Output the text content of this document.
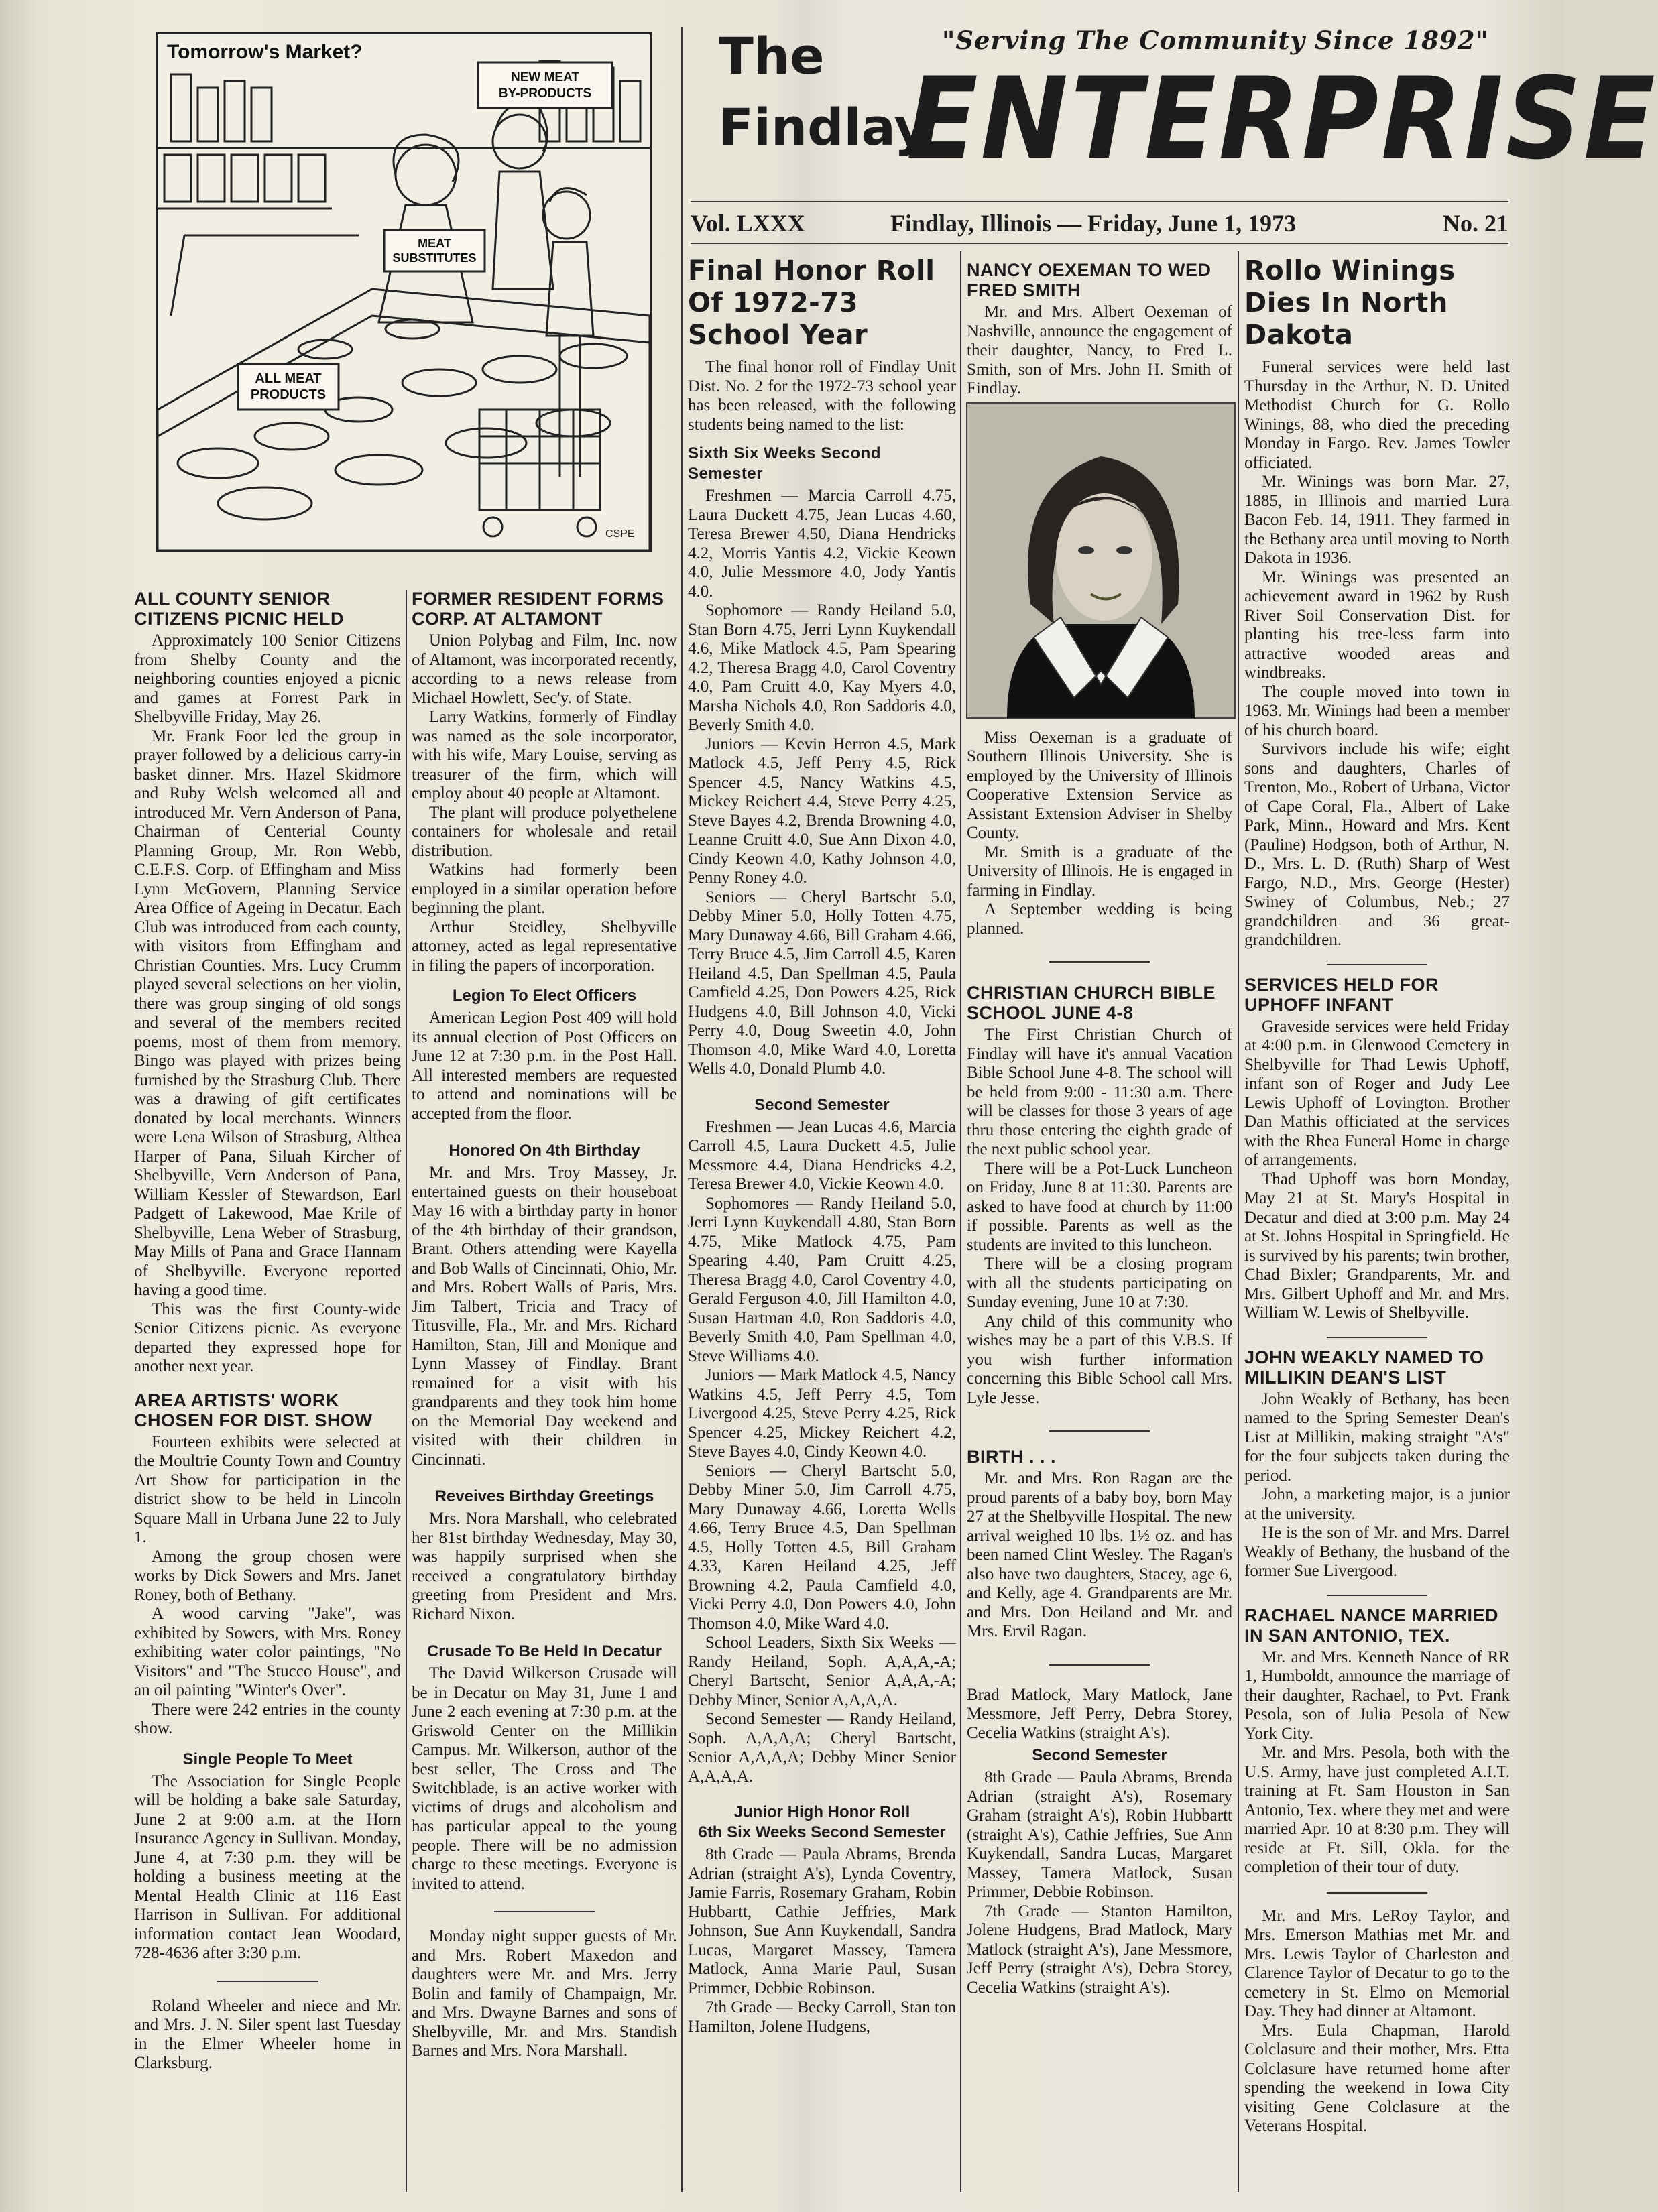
Tomorrow's Market?
NEW MEAT BY-PRODUCTS
MEAT SUBSTITUTES
ALL MEAT PRODUCTS
CSPE
"Serving The Community Since 1892"
The
Findlay
ENTERPRISE
Vol. LXXX	Findlay, Illinois — Friday, June 1, 1973	No. 21
ALL COUNTY SENIOR CITIZENS PICNIC HELD

Approximately 100 Senior Citizens from Shelby County and the neighboring counties enjoyed a picnic and games at Forrest Park in Shelbyville Friday, May 26.

Mr. Frank Foor led the group in prayer followed by a delicious carry-in basket dinner. Mrs. Hazel Skidmore and Ruby Welsh welcomed all and introduced Mr. Vern Anderson of Pana, Chairman of Centerial County Planning Group, Mr. Ron Webb, C.E.F.S. Corp. of Effingham and Miss Lynn McGovern, Planning Service Area Office of Ageing in Decatur. Each Club was introduced from each county, with visitors from Effingham and Christian Counties. Mrs. Lucy Crumm played several selections on her violin, there was group singing of old songs and several of the members recited poems, most of them from memory. Bingo was played with prizes being furnished by the Strasburg Club. There was a drawing of gift certificates donated by local merchants. Winners were Lena Wilson of Strasburg, Althea Harper of Pana, Siluah Kircher of Shelbyville, Vern Anderson of Pana, William Kessler of Stewardson, Earl Padgett of Lakewood, Mae Krile of Shelbyville, Lena Weber of Strasburg, May Mills of Pana and Grace Hannam of Shelbyville. Everyone reported having a good time.

This was the first County-wide Senior Citizens picnic. As everyone departed they expressed hope for another next year.

AREA ARTISTS' WORK CHOSEN FOR DIST. SHOW

Fourteen exhibits were selected at the Moultrie County Town and Country Art Show for participation in the district show to be held in Lincoln Square Mall in Urbana June 22 to July 1.

Among the group chosen were works by Dick Sowers and Mrs. Janet Roney, both of Bethany.

A wood carving "Jake", was exhibited by Sowers, with Mrs. Roney exhibiting water color paintings, "No Visitors" and "The Stucco House", and an oil painting "Winter's Over".

There were 242 entries in the county show.

Single People To Meet

The Association for Single People will be holding a bake sale Saturday, June 2 at 9:00 a.m. at the Horn Insurance Agency in Sullivan. Monday, June 4, at 7:30 p.m. they will be holding a business meeting at the Mental Health Clinic at 116 East Harrison in Sullivan. For additional information contact Jean Woodard, 728-4636 after 3:30 p.m.

Roland Wheeler and niece and Mr. and Mrs. J. N. Siler spent last Tuesday in the Elmer Wheeler home in Clarksburg.

FORMER RESIDENT FORMS CORP. AT ALTAMONT

Union Polybag and Film, Inc. now of Altamont, was incorporated recently, according to a news release from Michael Howlett, Sec'y. of State.

Larry Watkins, formerly of Findlay was named as the sole incorporator, with his wife, Mary Louise, serving as treasurer of the firm, which will employ about 40 people at Altamont.

The plant will produce polyethelene containers for wholesale and retail distribution.

Watkins had formerly been employed in a similar operation before beginning the plant.

Arthur Steidley, Shelbyville attorney, acted as legal representative in filing the papers of incorporation.

Legion To Elect Officers

American Legion Post 409 will hold its annual election of Post Officers on June 12 at 7:30 p.m. in the Post Hall. All interested members are requested to attend and nominations will be accepted from the floor.

Honored On 4th Birthday

Mr. and Mrs. Troy Massey, Jr. entertained guests on their houseboat May 16 with a birthday party in honor of the 4th birthday of their grandson, Brant. Others attending were Kayella and Bob Walls of Cincinnati, Ohio, Mr. and Mrs. Robert Walls of Paris, Mrs. Jim Talbert, Tricia and Tracy of Titusville, Fla., Mr. and Mrs. Richard Hamilton, Stan, Jill and Monique and Lynn Massey of Findlay. Brant remained for a visit with his grandparents and they took him home on the Memorial Day weekend and visited with their children in Cincinnati.

Reveives Birthday Greetings

Mrs. Nora Marshall, who celebrated her 81st birthday Wednesday, May 30, was happily surprised when she received a congratulatory birthday greeting from President and Mrs. Richard Nixon.

Crusade To Be Held In Decatur

The David Wilkerson Crusade will be in Decatur on May 31, June 1 and June 2 each evening at 7:30 p.m. at the Griswold Center on the Millikin Campus. Mr. Wilkerson, author of the best seller, The Cross and The Switchblade, is an active worker with victims of drugs and alcoholism and has particular appeal to the young people. There will be no admission charge to these meetings. Everyone is invited to attend.

Monday night supper guests of Mr. and Mrs. Robert Maxedon and daughters were Mr. and Mrs. Jerry Bolin and family of Champaign, Mr. and Mrs. Dwayne Barnes and sons of Shelbyville, Mr. and Mrs. Standish Barnes and Mrs. Nora Marshall.

Final Honor Roll Of 1972-73 School Year

The final honor roll of Findlay Unit Dist. No. 2 for the 1972-73 school year has been released, with the following students being named to the list:

Sixth Six Weeks Second Semester

Freshmen — Marcia Carroll 4.75, Laura Duckett 4.75, Jean Lucas 4.60, Teresa Brewer 4.50, Diana Hendricks 4.2, Morris Yantis 4.2, Vickie Keown 4.0, Julie Messmore 4.0, Jody Yantis 4.0.

Sophomore — Randy Heiland 5.0, Stan Born 4.75, Jerri Lynn Kuykendall 4.6, Mike Matlock 4.5, Pam Spearing 4.2, Theresa Bragg 4.0, Carol Coventry 4.0, Pam Cruitt 4.0, Kay Myers 4.0, Marsha Nichols 4.0, Ron Saddoris 4.0, Beverly Smith 4.0.

Juniors — Kevin Herron 4.5, Mark Matlock 4.5, Jeff Perry 4.5, Rick Spencer 4.5, Nancy Watkins 4.5, Mickey Reichert 4.4, Steve Perry 4.25, Steve Bayes 4.2, Brenda Browning 4.0, Leanne Cruitt 4.0, Sue Ann Dixon 4.0, Cindy Keown 4.0, Kathy Johnson 4.0, Penny Roney 4.0.

Seniors — Cheryl Bartscht 5.0, Debby Miner 5.0, Holly Totten 4.75, Mary Dunaway 4.66, Bill Graham 4.66, Terry Bruce 4.5, Jim Carroll 4.5, Karen Heiland 4.5, Dan Spellman 4.5, Paula Camfield 4.25, Don Powers 4.25, Rick Hudgens 4.0, Bill Johnson 4.0, Vicki Perry 4.0, Doug Sweetin 4.0, John Thomson 4.0, Mike Ward 4.0, Loretta Wells 4.0, Donald Plumb 4.0.

Second Semester

Freshmen — Jean Lucas 4.6, Marcia Carroll 4.5, Laura Duckett 4.5, Julie Messmore 4.4, Diana Hendricks 4.2, Teresa Brewer 4.0, Vickie Keown 4.0.

Sophomores — Randy Heiland 5.0, Jerri Lynn Kuykendall 4.80, Stan Born 4.75, Mike Matlock 4.75, Pam Spearing 4.40, Pam Cruitt 4.25, Theresa Bragg 4.0, Carol Coventry 4.0, Gerald Ferguson 4.0, Jill Hamilton 4.0, Susan Hartman 4.0, Ron Saddoris 4.0, Beverly Smith 4.0, Pam Spellman 4.0, Steve Williams 4.0.

Juniors — Mark Matlock 4.5, Nancy Watkins 4.5, Jeff Perry 4.5, Tom Livergood 4.25, Steve Perry 4.25, Rick Spencer 4.25, Mickey Reichert 4.2, Steve Bayes 4.0, Cindy Keown 4.0.

Seniors — Cheryl Bartscht 5.0, Debby Miner 5.0, Jim Carroll 4.75, Mary Dunaway 4.66, Loretta Wells 4.66, Terry Bruce 4.5, Dan Spellman 4.5, Holly Totten 4.5, Bill Graham 4.33, Karen Heiland 4.25, Jeff Browning 4.2, Paula Camfield 4.0, Vicki Perry 4.0, Don Powers 4.0, John Thomson 4.0, Mike Ward 4.0.

School Leaders, Sixth Six Weeks — Randy Heiland, Soph. A,A,A,-A; Cheryl Bartscht, Senior A,A,A,-A; Debby Miner, Senior A,A,A,A.

Second Semester — Randy Heiland, Soph. A,A,A,A; Cheryl Bartscht, Senior A,A,A,A; Debby Miner Senior A,A,A,A.

Junior High Honor Roll
6th Six Weeks Second Semester

8th Grade — Paula Abrams, Brenda Adrian (straight A's), Lynda Coventry, Jamie Farris, Rosemary Graham, Robin Hubbartt, Cathie Jeffries, Mark Johnson, Sue Ann Kuykendall, Sandra Lucas, Margaret Massey, Tamera Matlock, Anna Marie Paul, Susan Primmer, Debbie Robinson.

7th Grade — Becky Carroll, Stan ton Hamilton, Jolene Hudgens,

NANCY OEXEMAN TO WED FRED SMITH

Mr. and Mrs. Albert Oexeman of Nashville, announce the engagement of their daughter, Nancy, to Fred L. Smith, son of Mrs. John H. Smith of Findlay.

Miss Oexeman is a graduate of Southern Illinois University. She is employed by the University of Illinois Cooperative Extension Service as Assistant Extension Adviser in Shelby County.

Mr. Smith is a graduate of the University of Illinois. He is engaged in farming in Findlay.

A September wedding is being planned.

CHRISTIAN CHURCH BIBLE SCHOOL JUNE 4-8

The First Christian Church of Findlay will have it's annual Vacation Bible School June 4-8. The school will be held from 9:00 - 11:30 a.m. There will be classes for those 3 years of age thru those entering the eighth grade of the next public school year.

There will be a Pot-Luck Luncheon on Friday, June 8 at 11:30. Parents are asked to have food at church by 11:00 if possible. Parents as well as the students are invited to this luncheon.

There will be a closing program with all the students participating on Sunday evening, June 10 at 7:30.

Any child of this community who wishes may be a part of this V.B.S. If you wish further information concerning this Bible School call Mrs. Lyle Jesse.

BIRTH . . .

Mr. and Mrs. Ron Ragan are the proud parents of a baby boy, born May 27 at the Shelbyville Hospital. The new arrival weighed 10 lbs. 1½ oz. and has been named Clint Wesley. The Ragan's also have two daughters, Stacey, age 6, and Kelly, age 4. Grandparents are Mr. and Mrs. Don Heiland and Mr. and Mrs. Ervil Ragan.

Brad Matlock, Mary Matlock, Jane Messmore, Jeff Perry, Debra Storey, Cecelia Watkins (straight A's).

Second Semester

8th Grade — Paula Abrams, Brenda Adrian (straight A's), Rosemary Graham (straight A's), Robin Hubbartt (straight A's), Cathie Jeffries, Sue Ann Kuykendall, Sandra Lucas, Margaret Massey, Tamera Matlock, Susan Primmer, Debbie Robinson.

7th Grade — Stanton Hamilton, Jolene Hudgens, Brad Matlock, Mary Matlock (straight A's), Jane Messmore, Jeff Perry (straight A's), Debra Storey, Cecelia Watkins (straight A's).

Rollo Winings Dies In North Dakota

Funeral services were held last Thursday in the Arthur, N. D. United Methodist Church for G. Rollo Winings, 88, who died the preceding Monday in Fargo. Rev. James Towler officiated.

Mr. Winings was born Mar. 27, 1885, in Illinois and married Lura Bacon Feb. 14, 1911. They farmed in the Bethany area until moving to North Dakota in 1936.

Mr. Winings was presented an achievement award in 1962 by Rush River Soil Conservation Dist. for planting his tree-less farm into attractive wooded areas and windbreaks.

The couple moved into town in 1963. Mr. Winings had been a member of his church board.

Survivors include his wife; eight sons and daughters, Charles of Trenton, Mo., Robert of Urbana, Victor of Cape Coral, Fla., Albert of Lake Park, Minn., Howard and Mrs. Kent (Pauline) Hodgson, both of Arthur, N. D., Mrs. L. D. (Ruth) Sharp of West Fargo, N.D., Mrs. George (Hester) Swiney of Columbus, Neb.; 27 grandchildren and 36 great-grandchildren.

SERVICES HELD FOR UPHOFF INFANT

Graveside services were held Friday at 4:00 p.m. in Glenwood Cemetery in Shelbyville for Thad Lewis Uphoff, infant son of Roger and Judy Lee Lewis Uphoff of Lovington. Brother Dan Mathis officiated at the services with the Rhea Funeral Home in charge of arrangements.

Thad Uphoff was born Monday, May 21 at St. Mary's Hospital in Decatur and died at 3:00 p.m. May 24 at St. Johns Hospital in Springfield. He is survived by his parents; twin brother, Chad Bixler; Grandparents, Mr. and Mrs. Gilbert Uphoff and Mr. and Mrs. William W. Lewis of Shelbyville.

JOHN WEAKLY NAMED TO MILLIKIN DEAN'S LIST

John Weakly of Bethany, has been named to the Spring Semester Dean's List at Millikin, making straight "A's" for the four subjects taken during the period.

John, a marketing major, is a junior at the university.

He is the son of Mr. and Mrs. Darrel Weakly of Bethany, the husband of the former Sue Livergood.

RACHAEL NANCE MARRIED IN SAN ANTONIO, TEX.

Mr. and Mrs. Kenneth Nance of RR 1, Humboldt, announce the marriage of their daughter, Rachael, to Pvt. Frank Pesola, son of Julia Pesola of New York City.

Mr. and Mrs. Pesola, both with the U.S. Army, have just completed A.I.T. training at Ft. Sam Houston in San Antonio, Tex. where they met and were married Apr. 10 at 8:30 p.m. They will reside at Ft. Sill, Okla. for the completion of their tour of duty.

Mr. and Mrs. LeRoy Taylor, and Mrs. Emerson Mathias met Mr. and Mrs. Lewis Taylor of Charleston and Clarence Taylor of Decatur to go to the cemetery in St. Elmo on Memorial Day. They had dinner at Altamont.

Mrs. Eula Chapman, Harold Colclasure and their mother, Mrs. Etta Colclasure have returned home after spending the weekend in Iowa City visiting Gene Colclasure at the Veterans Hospital.
